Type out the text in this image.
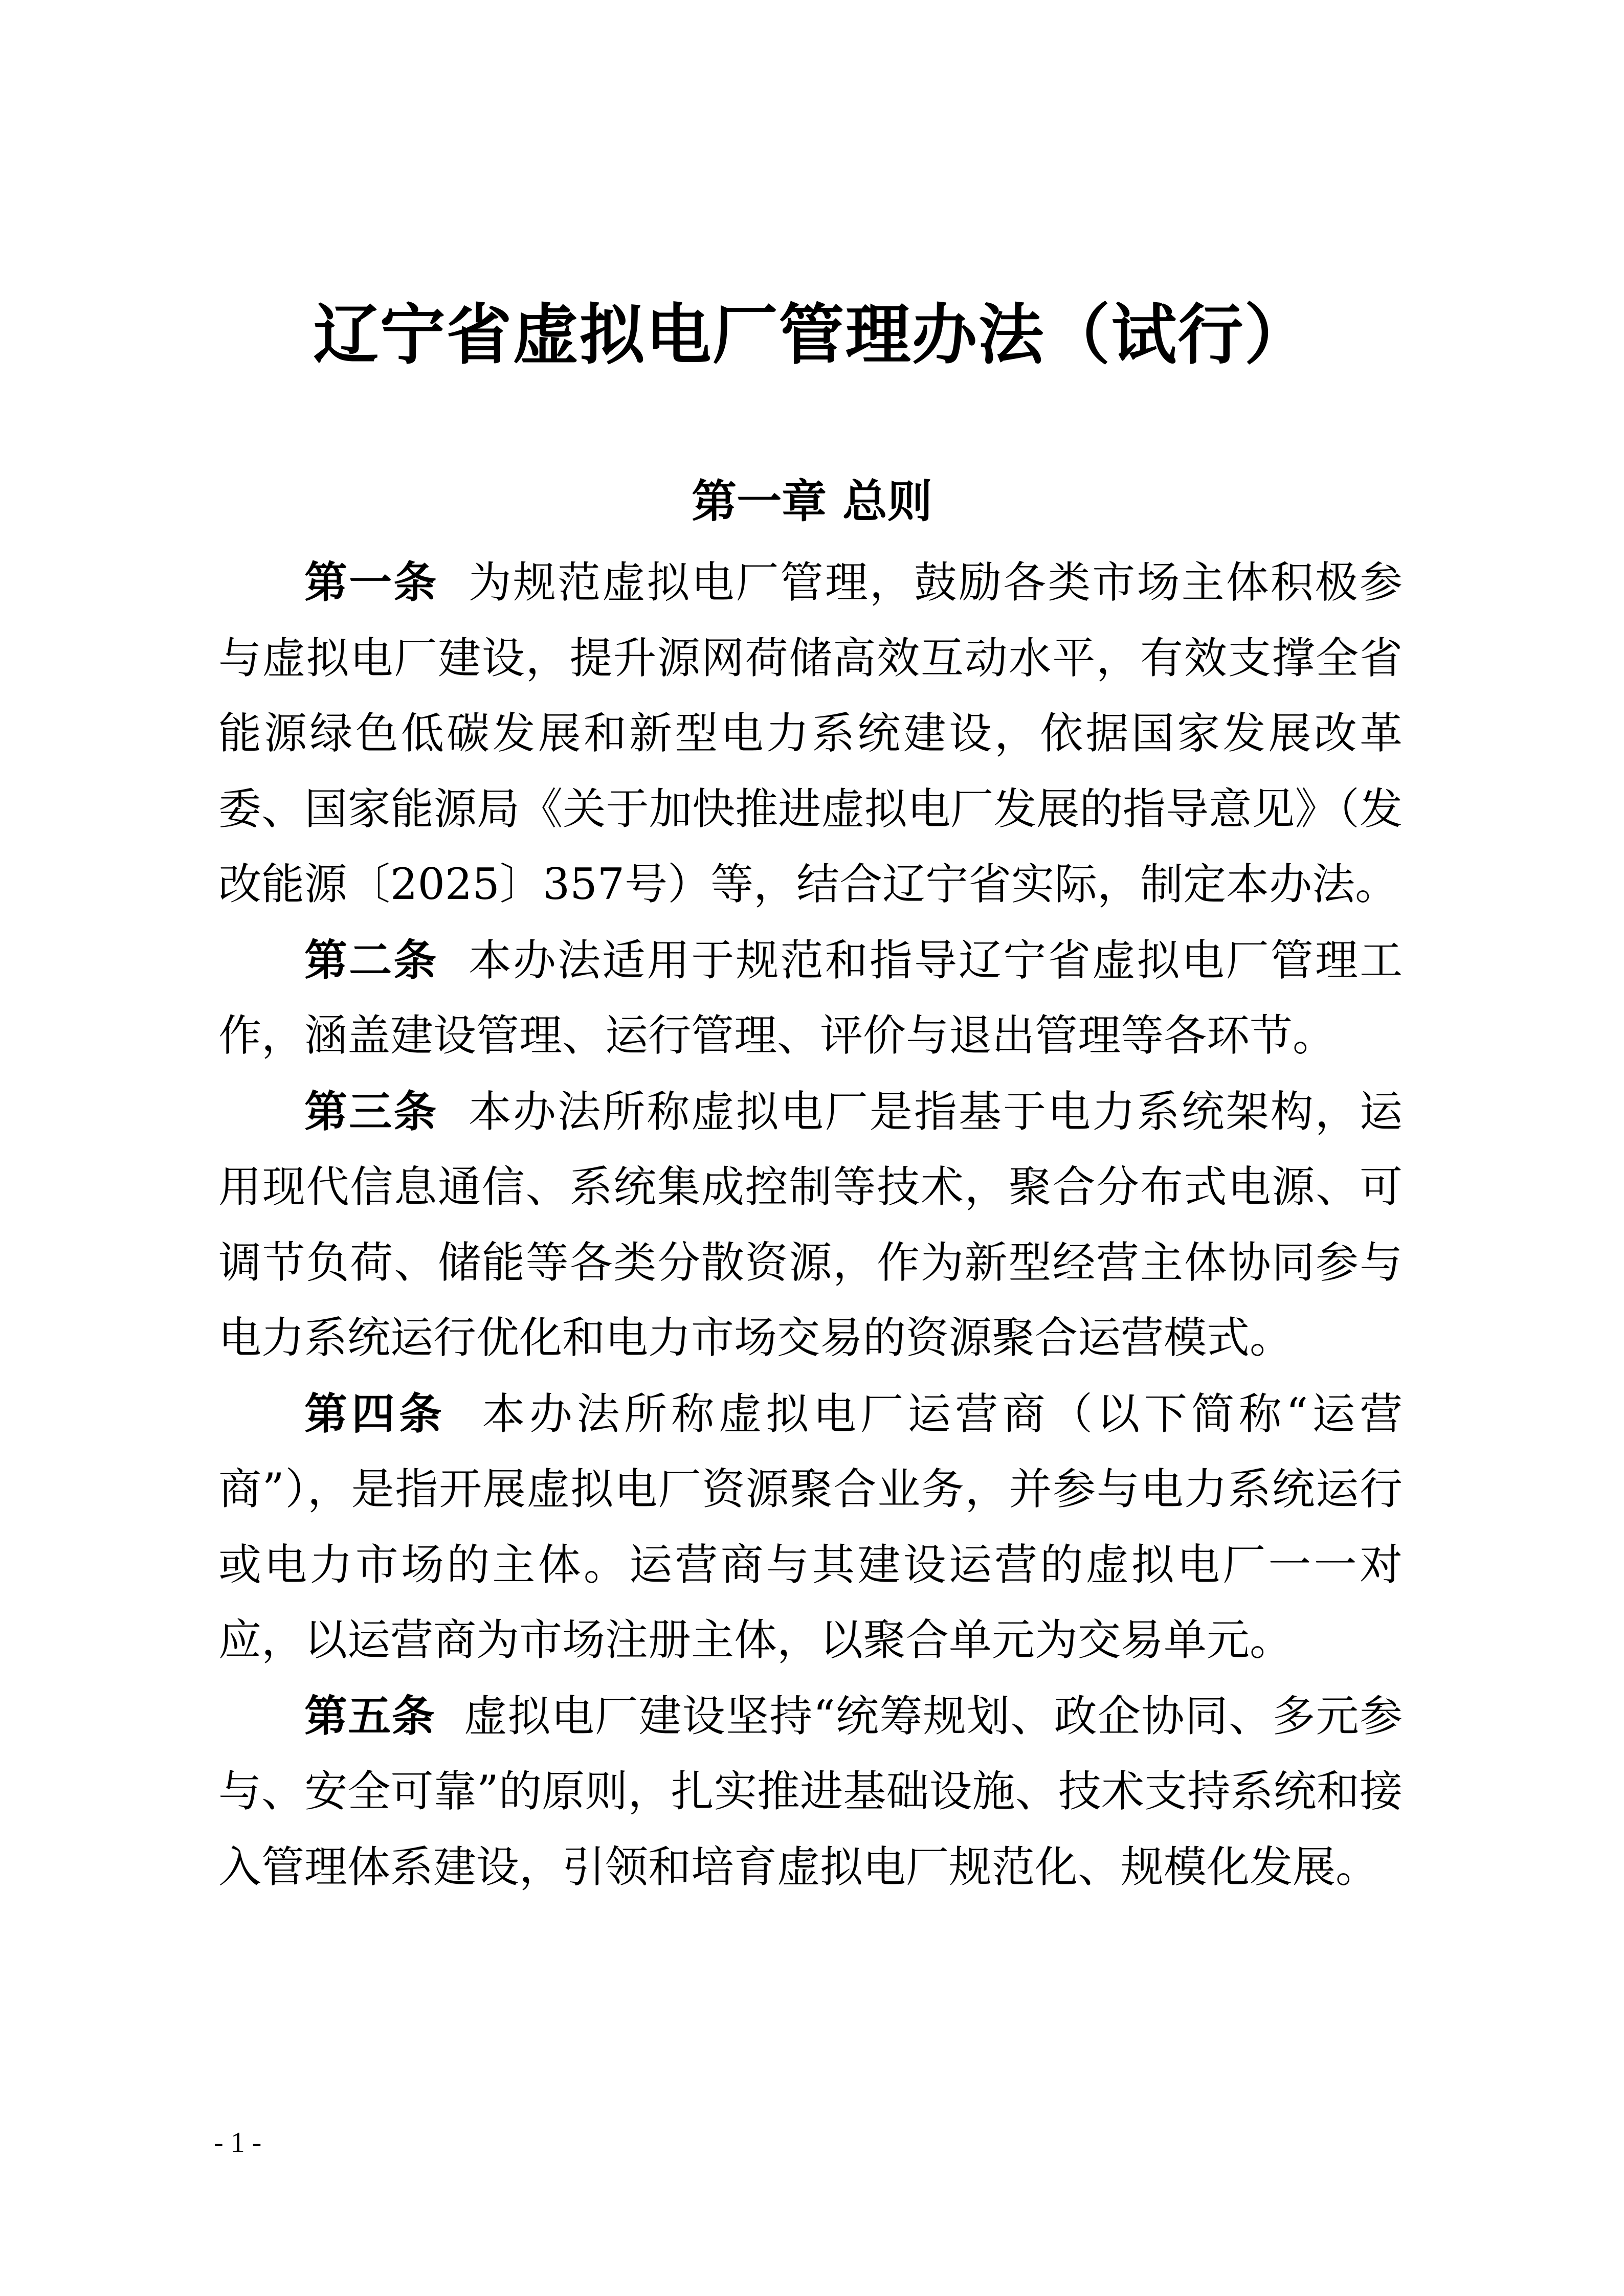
辽宁省虚拟电厂管理办法（试行）
第一章 总则

第一条 为规范虚拟电厂管理，鼓励各类市场主体积极参与虚拟电厂建设，提升源网荷储高效互动水平，有效支撑全省能源绿色低碳发展和新型电力系统建设，依据国家发展改革委、国家能源局《关于加快推进虚拟电厂发展的指导意见》（发改能源〔2025〕357号）等，结合辽宁省实际，制定本办法。

第二条 本办法适用于规范和指导辽宁省虚拟电厂管理工作，涵盖建设管理、运行管理、评价与退出管理等各环节。

第三条 本办法所称虚拟电厂是指基于电力系统架构，运用现代信息通信、系统集成控制等技术，聚合分布式电源、可调节负荷、储能等各类分散资源，作为新型经营主体协同参与电力系统运行优化和电力市场交易的资源聚合运营模式。

第四条 本办法所称虚拟电厂运营商（以下简称“运营商”），是指开展虚拟电厂资源聚合业务，并参与电力系统运行或电力市场的主体。运营商与其建设运营的虚拟电厂一一对应，以运营商为市场注册主体，以聚合单元为交易单元。

第五条 虚拟电厂建设坚持“统筹规划、政企协同、多元参与、安全可靠”的原则，扎实推进基础设施、技术支持系统和接入管理体系建设，引领和培育虚拟电厂规范化、规模化发展。

- 1 -
